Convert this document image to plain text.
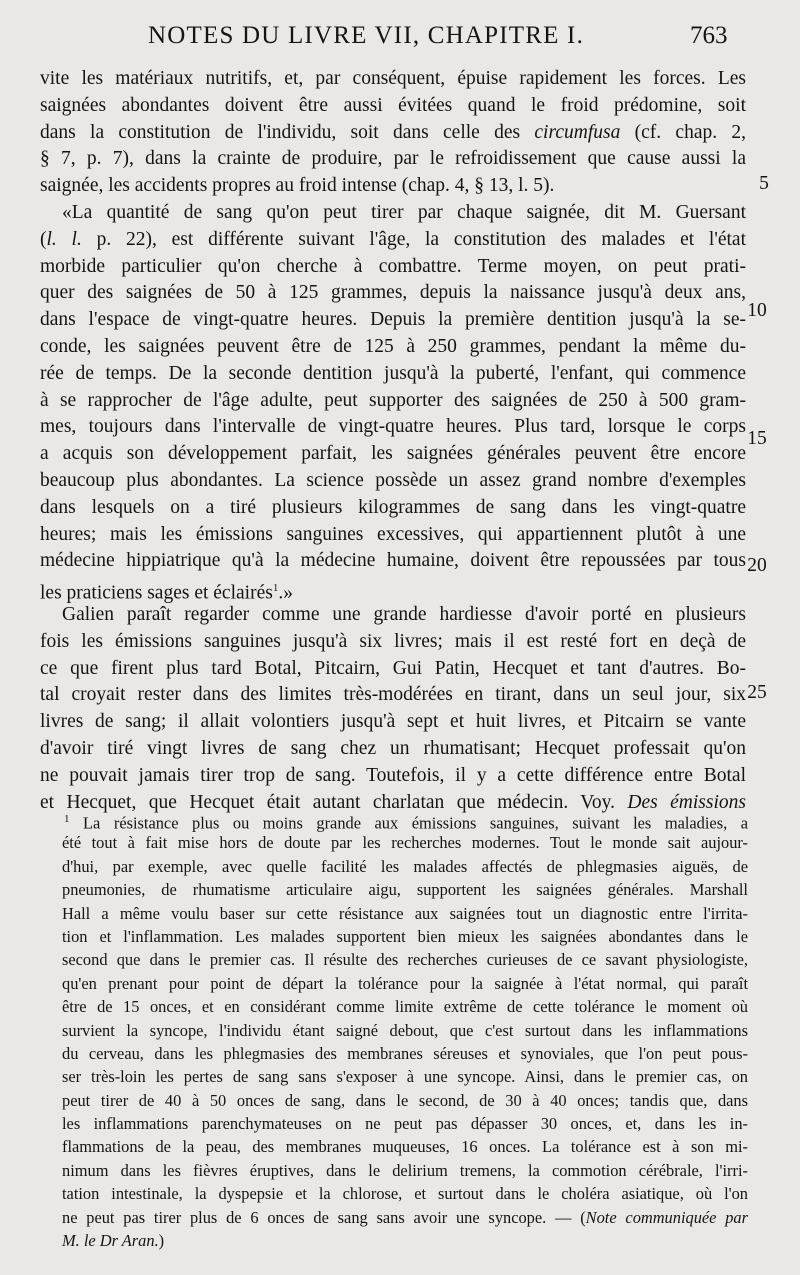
NOTES DU LIVRE VII, CHAPITRE I.	763
vite les matériaux nutritifs, et, par conséquent, épuise rapidement les forces. Les
saignées abondantes doivent être aussi évitées quand le froid prédomine, soit
dans la constitution de l'individu, soit dans celle des circumfusa (cf. chap. 2,
§ 7, p. 7), dans la crainte de produire, par le refroidissement que cause aussi la
saignée, les accidents propres au froid intense (chap. 4, § 13, l. 5).
«La quantité de sang qu'on peut tirer par chaque saignée, dit M. Guersant
(l. l. p. 22), est différente suivant l'âge, la constitution des malades et l'état
morbide particulier qu'on cherche à combattre. Terme moyen, on peut prati-
quer des saignées de 50 à 125 grammes, depuis la naissance jusqu'à deux ans,
dans l'espace de vingt-quatre heures. Depuis la première dentition jusqu'à la se-
conde, les saignées peuvent être de 125 à 250 grammes, pendant la même du-
rée de temps. De la seconde dentition jusqu'à la puberté, l'enfant, qui commence
à se rapprocher de l'âge adulte, peut supporter des saignées de 250 à 500 gram-
mes, toujours dans l'intervalle de vingt-quatre heures. Plus tard, lorsque le corps
a acquis son développement parfait, les saignées générales peuvent être encore
beaucoup plus abondantes. La science possède un assez grand nombre d'exemples
dans lesquels on a tiré plusieurs kilogrammes de sang dans les vingt-quatre
heures; mais les émissions sanguines excessives, qui appartiennent plutôt à une
médecine hippiatrique qu'à la médecine humaine, doivent être repoussées par tous
les praticiens sages et éclairés$^1$.»
Galien paraît regarder comme une grande hardiesse d'avoir porté en plusieurs
fois les émissions sanguines jusqu'à six livres; mais il est resté fort en deçà de
ce que firent plus tard Botal, Pitcairn, Gui Patin, Hecquet et tant d'autres. Bo-
tal croyait rester dans des limites très-modérées en tirant, dans un seul jour, six
livres de sang; il allait volontiers jusqu'à sept et huit livres, et Pitcairn se vante
d'avoir tiré vingt livres de sang chez un rhumatisant; Hecquet professait qu'on
ne pouvait jamais tirer trop de sang. Toutefois, il y a cette différence entre Botal
et Hecquet, que Hecquet était autant charlatan que médecin. Voy. Des émissions
5
10
15
20
25
$^1$ La résistance plus ou moins grande aux émissions sanguines, suivant les maladies, a
été tout à fait mise hors de doute par les recherches modernes. Tout le monde sait aujour-
d'hui, par exemple, avec quelle facilité les malades affectés de phlegmasies aiguës, de
pneumonies, de rhumatisme articulaire aigu, supportent les saignées générales. Marshall
Hall a même voulu baser sur cette résistance aux saignées tout un diagnostic entre l'irrita-
tion et l'inflammation. Les malades supportent bien mieux les saignées abondantes dans le
second que dans le premier cas. Il résulte des recherches curieuses de ce savant physiologiste,
qu'en prenant pour point de départ la tolérance pour la saignée à l'état normal, qui paraît
être de 15 onces, et en considérant comme limite extrême de cette tolérance le moment où
survient la syncope, l'individu étant saigné debout, que c'est surtout dans les inflammations
du cerveau, dans les phlegmasies des membranes séreuses et synoviales, que l'on peut pous-
ser très-loin les pertes de sang sans s'exposer à une syncope. Ainsi, dans le premier cas, on
peut tirer de 40 à 50 onces de sang, dans le second, de 30 à 40 onces; tandis que, dans
les inflammations parenchymateuses on ne peut pas dépasser 30 onces, et, dans les in-
flammations de la peau, des membranes muqueuses, 16 onces. La tolérance est à son mi-
nimum dans les fièvres éruptives, dans le delirium tremens, la commotion cérébrale, l'irri-
tation intestinale, la dyspepsie et la chlorose, et surtout dans le choléra asiatique, où l'on
ne peut pas tirer plus de 6 onces de sang sans avoir une syncope. — (Note communiquée par
M. le Dr Aran.)
